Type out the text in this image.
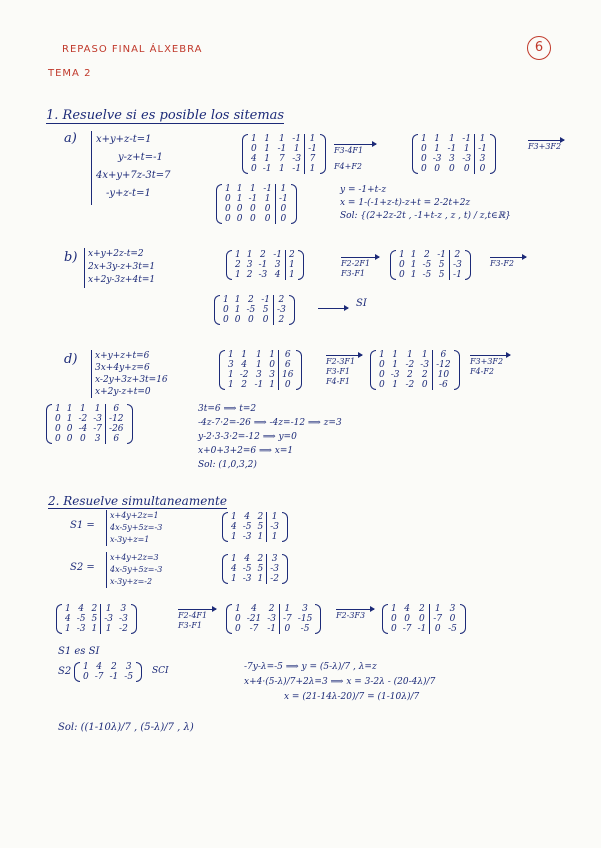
REPASO FINAL ÁLXEBRA
TEMA 2
6
1. Resuelve si es posible los sitemas
a) x+y+z-t=1
y-z+t=-1
4x+y+7z-3t=7
-y+z-t=1
1	1	1	-1	1
0	1	-1	1	-1
4	1	7	-3	7
0	-1	1	-1	1
F3-4F1
F4+F2
1	1	1	-1	1
0	1	-1	1	-1
0	-3	3	-3	3
0	0	0	0	0
F3+3F2
1	1	1	-1	1
0	1	-1	1	-1
0	0	0	0	0
0	0	0	0	0
y = -1+t-z
x = 1-(-1+z-t)-z+t = 2-2t+2z
Sol: {(2+2z-2t , -1+t-z , z , t) / z,t∈ℝ}
b) x+y+2z-t=2
2x+3y-z+3t=1
x+2y-3z+4t=1
1	1	2	-1	2
2	3	-1	3	1
1	2	-3	4	1
F2-2F1
F3-F1
1	1	2	-1	2
0	1	-5	5	-3
0	1	-5	5	-1
F3-F2
1	1	2	-1	2
0	1	-5	5	-3
0	0	0	0	2
SI
d) x+y+z+t=6
3x+4y+z=6
x-2y+3z+3t=16
x+2y-z+t=0
1	1	1	1	6
3	4	1	0	6
1	-2	3	3	16
1	2	-1	1	0
F2-3F1
F3-F1
F4-F1
1	1	1	1	6
0	1	-2	-3	-12
0	-3	2	2	10
0	1	-2	0	-6
F3+3F2
F4-F2
1	1	1	1	6
0	1	-2	-3	-12
0	0	-4	-7	-26
0	0	0	3	6
3t=6 ⟹ t=2
-4z-7·2=-26 ⟹ -4z=-12 ⟹ z=3
y-2·3-3·2=-12 ⟹ y=0
x+0+3+2=6 ⟹ x=1
Sol: (1,0,3,2)
2. Resuelve simultaneamente
S1 =
x+4y+2z=1
4x-5y+5z=-3
x-3y+z=1
1	4	2	1
4	-5	5	-3
1	-3	1	1
S2 =
x+4y+2z=3
4x-5y+5z=-3
x-3y+z=-2
1	4	2	3
4	-5	5	-3
1	-3	1	-2
1	4	2	1	3
4	-5	5	-3	-3
1	-3	1	1	-2
F2-4F1
F3-F1
1	4	2	1	3
0	-21	-3	-7	-15
0	-7	-1	0	-5
F2-3F3
1	4	2	1	3
0	0	0	-7	0
0	-7	-1	0	-5
S1 es SI
S2 1	4	2	3
0	-7	-1	-5
SCI	-7y-λ=-5 ⟹ y = (5-λ)/7 , λ=z
x+4·(5-λ)/7+2λ=3 ⟹ x = 3-2λ - (20-4λ)/7
x = (21-14λ-20)/7 = (1-10λ)/7
Sol: ((1-10λ)/7 , (5-λ)/7 , λ)
